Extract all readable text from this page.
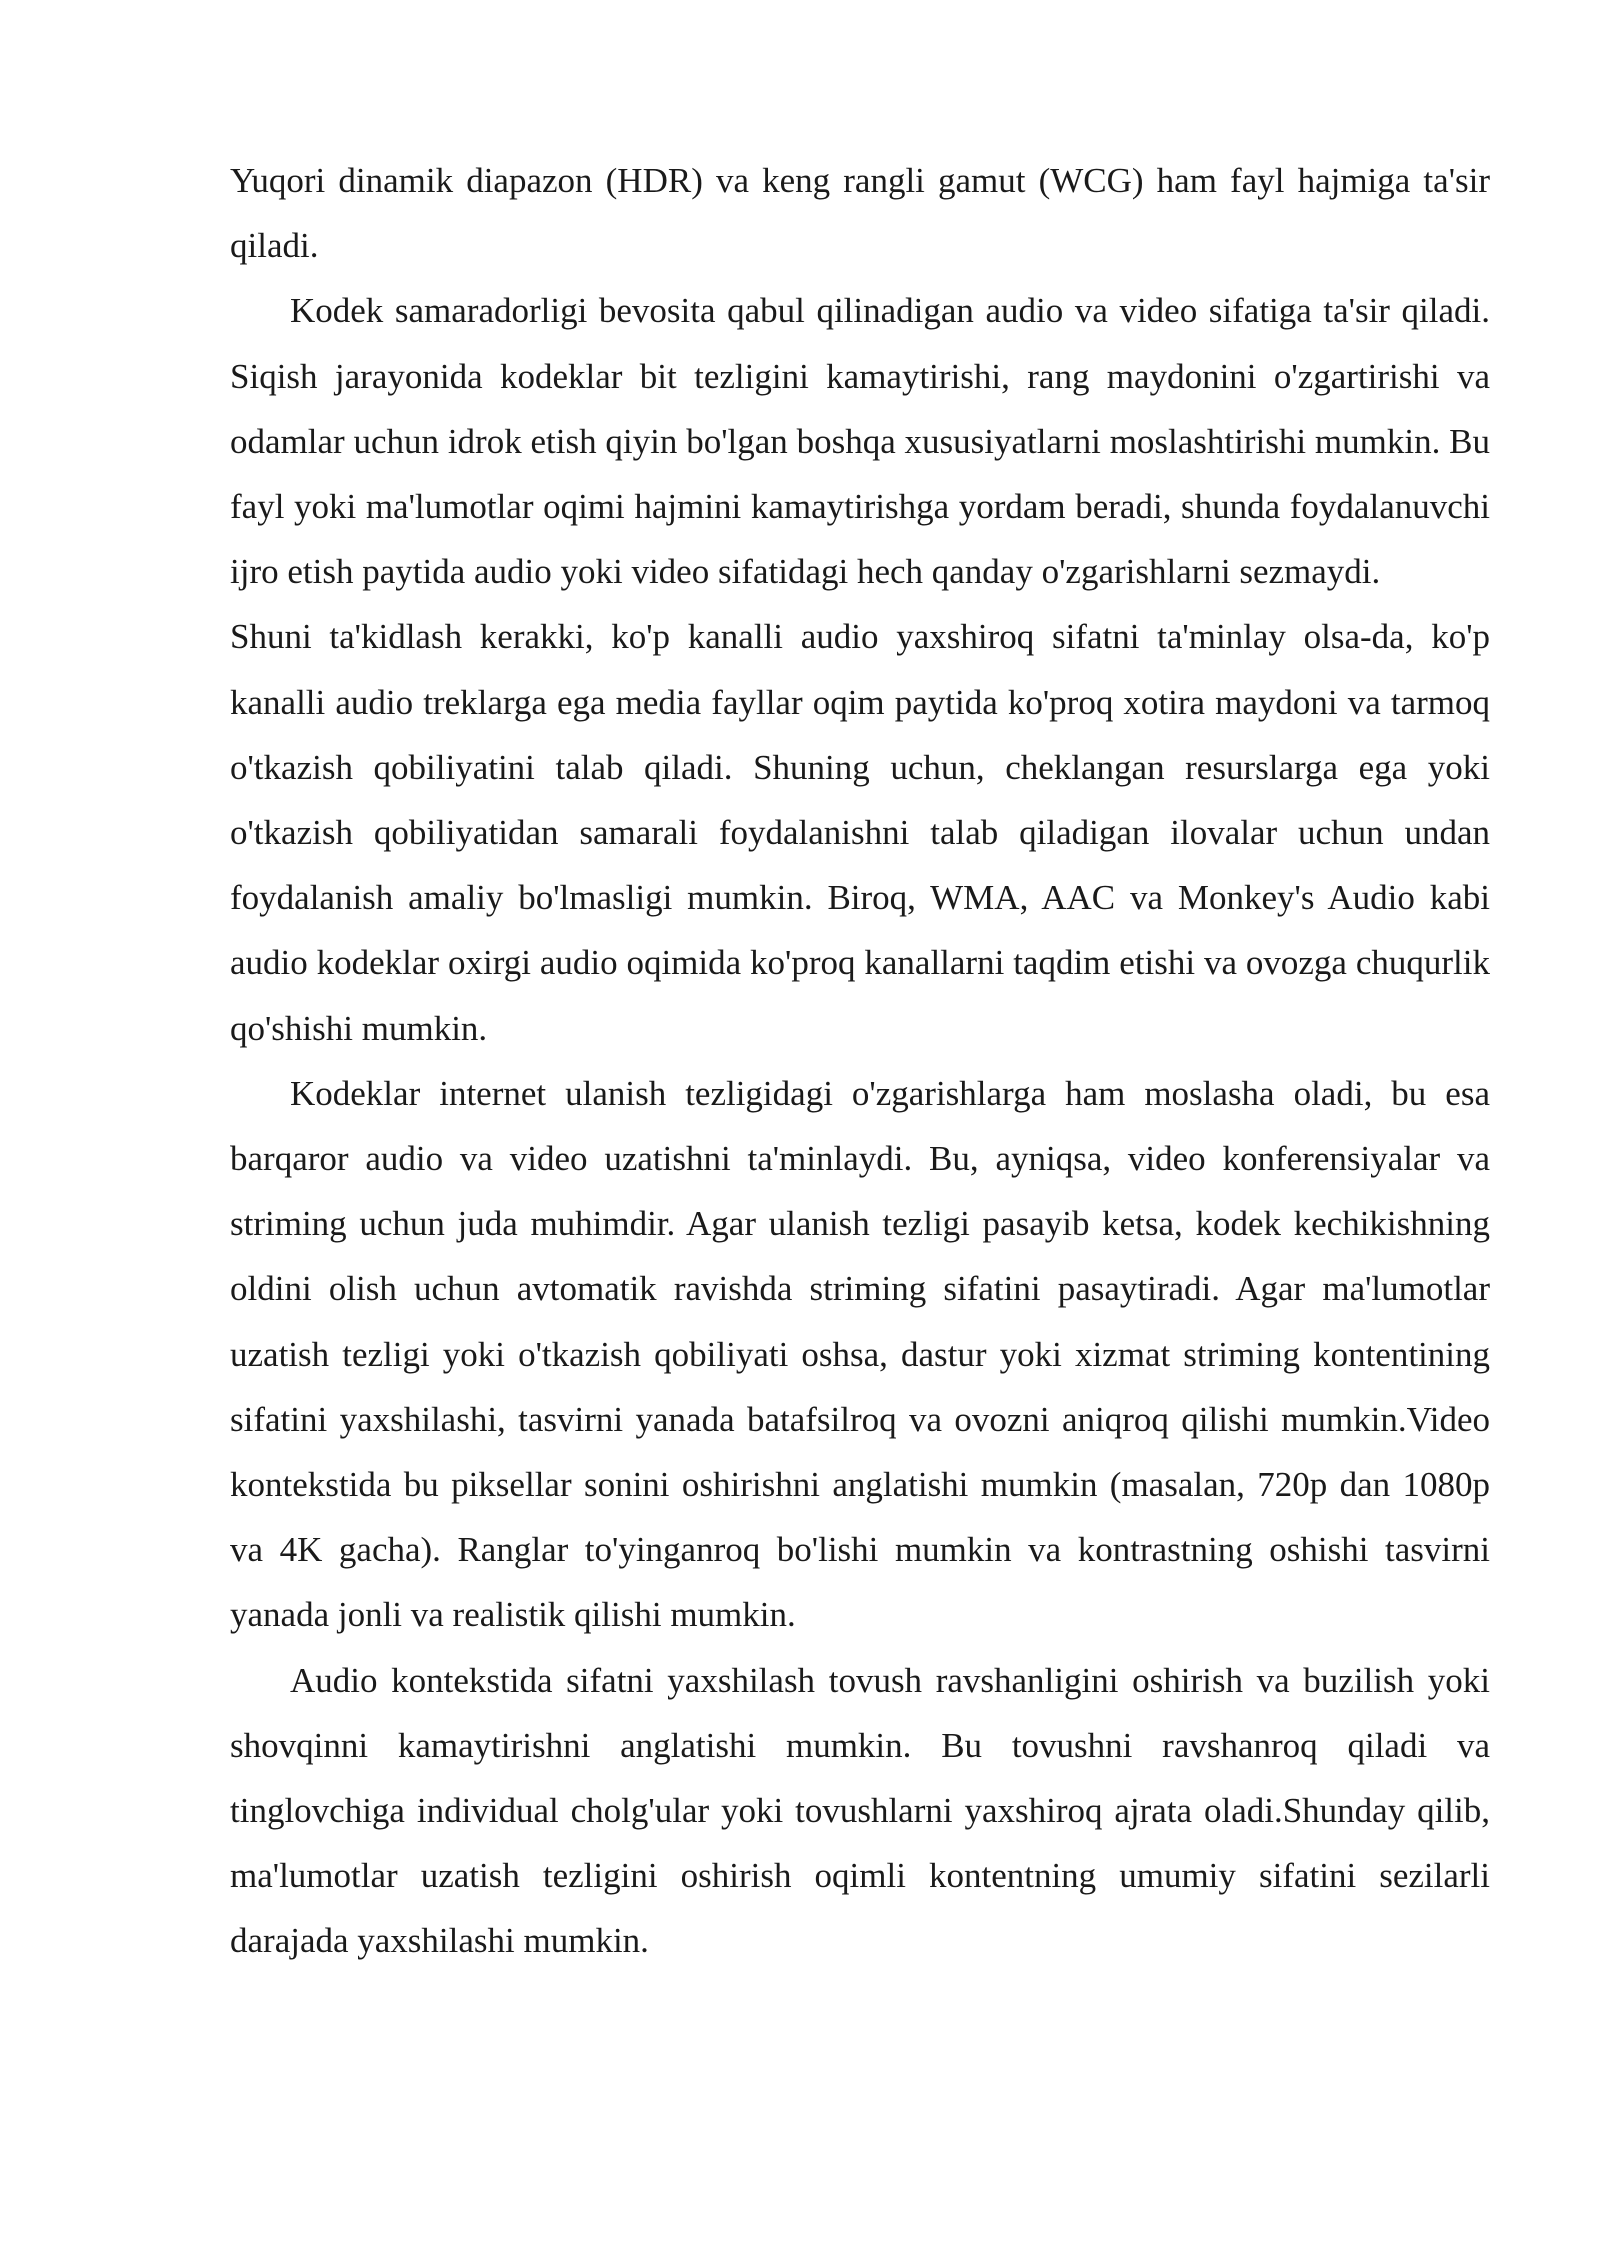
Yuqori dinamik diapazon (HDR) va keng rangli gamut (WCG) ham fayl hajmiga ta'sir qiladi.

Kodek samaradorligi bevosita qabul qilinadigan audio va video sifatiga ta'sir qiladi. Siqish jarayonida kodeklar bit tezligini kamaytirishi, rang maydonini o'zgartirishi va odamlar uchun idrok etish qiyin bo'lgan boshqa xususiyatlarni moslashtirishi mumkin. Bu fayl yoki ma'lumotlar oqimi hajmini kamaytirishga yordam beradi, shunda foydalanuvchi ijro etish paytida audio yoki video sifatidagi hech qanday o'zgarishlarni sezmaydi.

Shuni ta'kidlash kerakki, ko'p kanalli audio yaxshiroq sifatni ta'minlay olsa-da, ko'p kanalli audio treklarga ega media fayllar oqim paytida ko'proq xotira maydoni va tarmoq o'tkazish qobiliyatini talab qiladi. Shuning uchun, cheklangan resurslarga ega yoki o'tkazish qobiliyatidan samarali foydalanishni talab qiladigan ilovalar uchun undan foydalanish amaliy bo'lmasligi mumkin. Biroq, WMA, AAC va Monkey's Audio kabi audio kodeklar oxirgi audio oqimida ko'proq kanallarni taqdim etishi va ovozga chuqurlik qo'shishi mumkin.

Kodeklar internet ulanish tezligidagi o'zgarishlarga ham moslasha oladi, bu esa barqaror audio va video uzatishni ta'minlaydi. Bu, ayniqsa, video konferensiyalar va striming uchun juda muhimdir. Agar ulanish tezligi pasayib ketsa, kodek kechikishning oldini olish uchun avtomatik ravishda striming sifatini pasaytiradi. Agar ma'lumotlar uzatish tezligi yoki o'tkazish qobiliyati oshsa, dastur yoki xizmat striming kontentining sifatini yaxshilashi, tasvirni yanada batafsilroq va ovozni aniqroq qilishi mumkin.Video kontekstida bu piksellar sonini oshirishni anglatishi mumkin (masalan, 720p dan 1080p va 4K gacha). Ranglar to'yinganroq bo'lishi mumkin va kontrastning oshishi tasvirni yanada jonli va realistik qilishi mumkin.

Audio kontekstida sifatni yaxshilash tovush ravshanligini oshirish va buzilish yoki shovqinni kamaytirishni anglatishi mumkin. Bu tovushni ravshanroq qiladi va tinglovchiga individual cholg'ular yoki tovushlarni yaxshiroq ajrata oladi.Shunday qilib, ma'lumotlar uzatish tezligini oshirish oqimli kontentning umumiy sifatini sezilarli darajada yaxshilashi mumkin.
